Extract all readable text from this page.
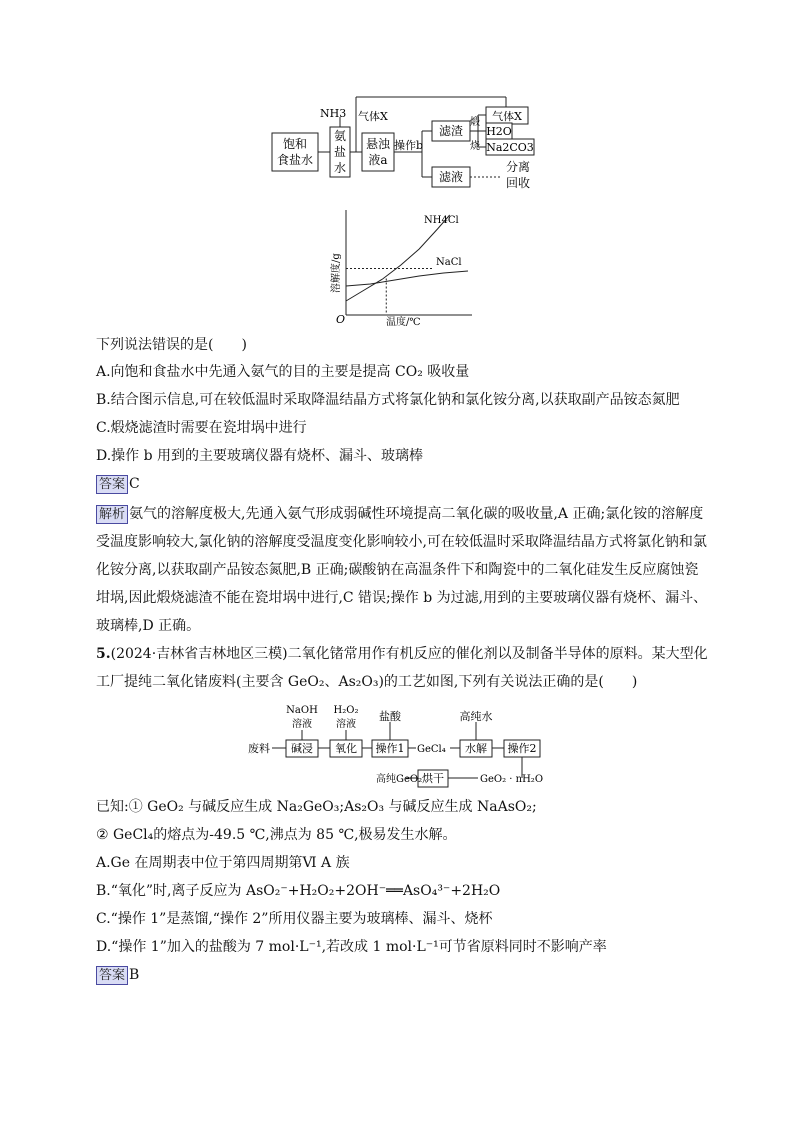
饱和
食盐水
氨
盐
水
悬浊
液a
滤渣
滤液
煅
烧
气体X
H2O
Na2CO3
分离
回收
NH3 气体X
操作b
NH4Cl
NaCl
O	温度/℃
溶解度/g
下列说法错误的是(　　)
A.向饱和食盐水中先通入氨气的目的主要是提高 CO₂ 吸收量
B.结合图示信息,可在较低温时采取降温结晶方式将氯化钠和氯化铵分离,以获取副产品铵态氮肥
C.煅烧滤渣时需要在瓷坩埚中进行
D.操作 b 用到的主要玻璃仪器有烧杯、漏斗、玻璃棒
答案 C
解析 氨气的溶解度极大,先通入氨气形成弱碱性环境提高二氧化碳的吸收量,A 正确;氯化铵的溶解度受温度影响较大,氯化钠的溶解度受温度变化影响较小,可在较低温时采取降温结晶方式将氯化钠和氯化铵分离,以获取副产品铵态氮肥,B 正确;碳酸钠在高温条件下和陶瓷中的二氧化硅发生反应腐蚀瓷坩埚,因此煅烧滤渣不能在瓷坩埚中进行,C 错误;操作 b 为过滤,用到的主要玻璃仪器有烧杯、漏斗、玻璃棒,D 正确。
5.(2024·吉林省吉林地区三模)二氧化锗常用作有机反应的催化剂以及制备半导体的原料。某大型化
工厂提纯二氧化锗废料(主要含 GeO₂、As₂O₃)的工艺如图,下列有关说法正确的是(　　)
废料 碱浸 氧化 操作1 GeCl₄ 水解 操作2
NaOH
溶液
H₂O₂
溶液
盐酸	高纯水
烘干
高纯GeO₂	GeO₂ · nH₂O
已知:① GeO₂ 与碱反应生成 Na₂GeO₃;As₂O₃ 与碱反应生成 NaAsO₂;
② GeCl₄的熔点为-49.5 ℃,沸点为 85 ℃,极易发生水解。
A.Ge 在周期表中位于第四周期第Ⅵ A 族
B.“氧化”时,离子反应为 AsO₂⁻+H₂O₂+2OH⁻══AsO₄³⁻+2H₂O
C.“操作 1”是蒸馏,“操作 2”所用仪器主要为玻璃棒、漏斗、烧杯
D.“操作 1”加入的盐酸为 7 mol·L⁻¹,若改成 1 mol·L⁻¹可节省原料同时不影响产率
答案 B
